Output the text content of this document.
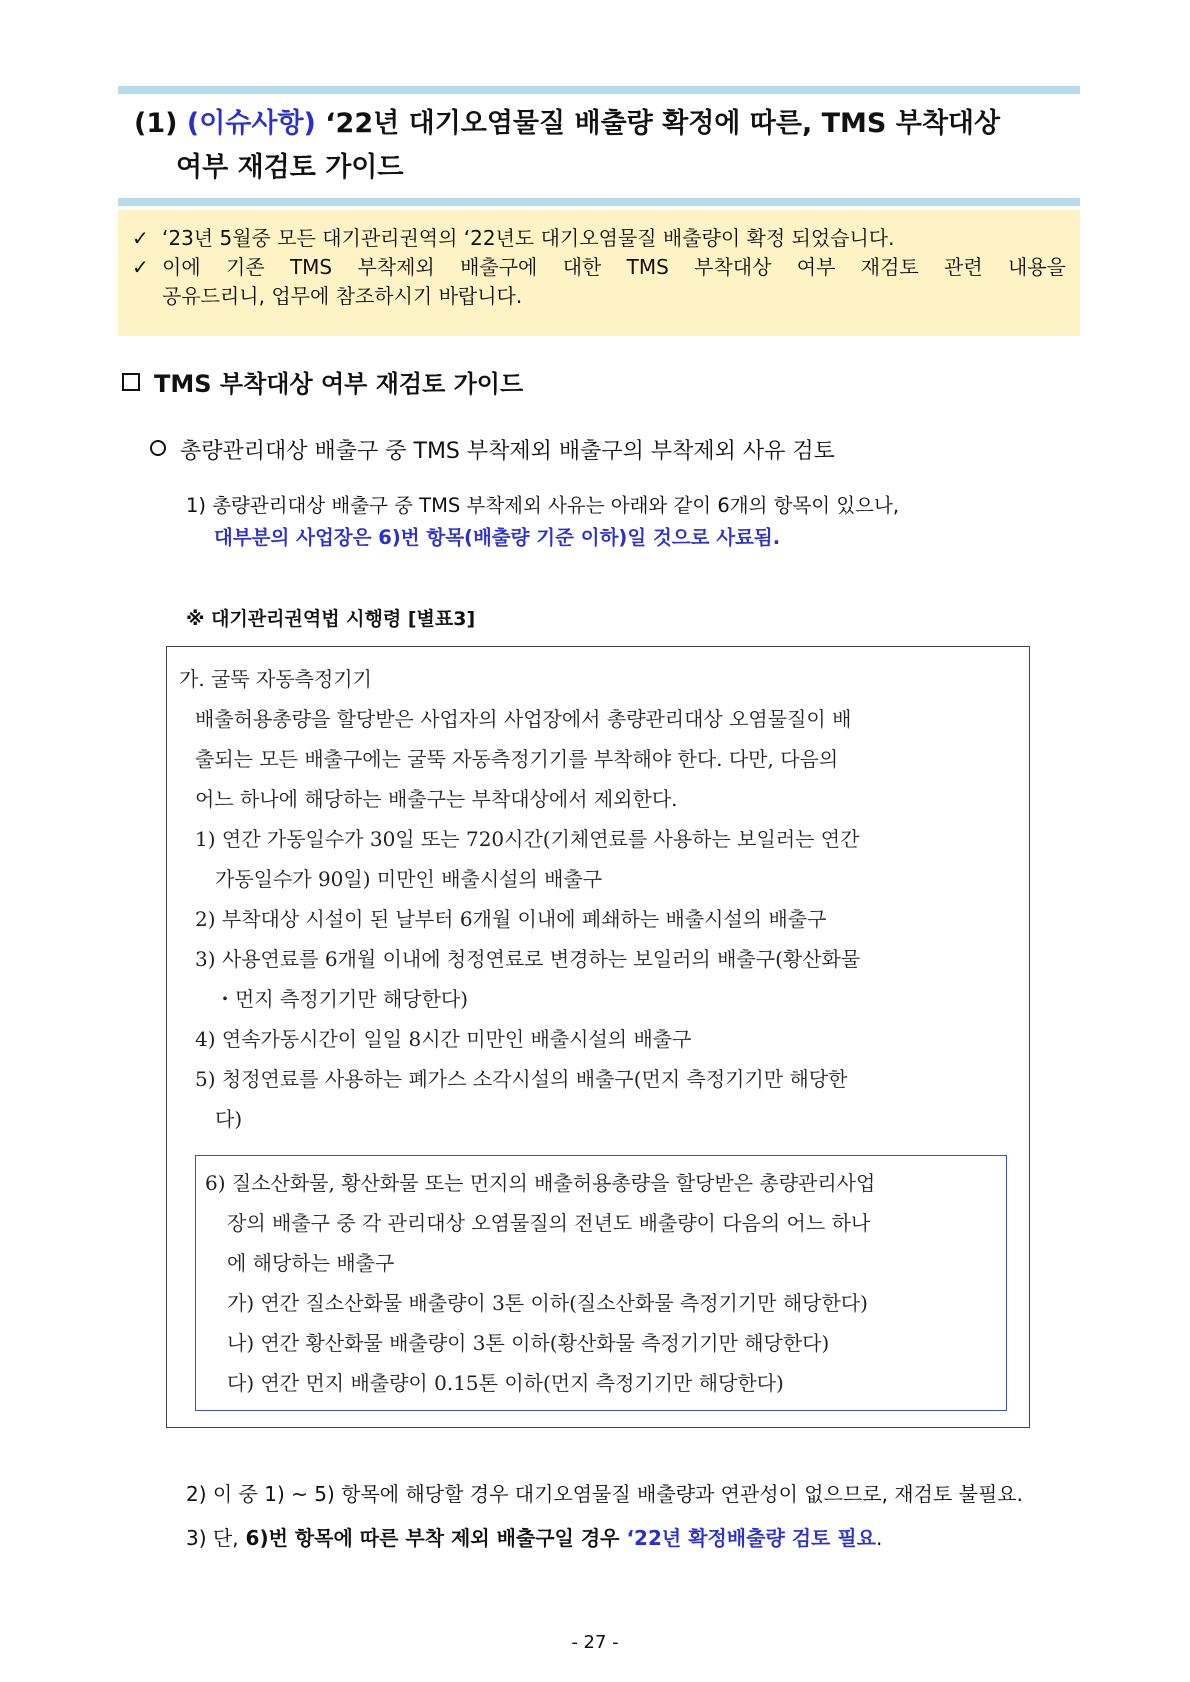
(1) (이슈사항) ‘22년 대기오염물질 배출량 확정에 따른, TMS 부착대상
여부 재검토 가이드
✓ ‘23년 5월중 모든 대기관리권역의 ‘22년도 대기오염물질 배출량이 확정 되었습니다.
✓ 이에 기존 TMS 부착제외 배출구에 대한 TMS 부착대상 여부 재검토 관련 내용을
공유드리니, 업무에 참조하시기 바랍니다.
TMS 부착대상 여부 재검토 가이드
총량관리대상 배출구 중 TMS 부착제외 배출구의 부착제외 사유 검토
1) 총량관리대상 배출구 중 TMS 부착제외 사유는 아래와 같이 6개의 항목이 있으나,
대부분의 사업장은 6)번 항목(배출량 기준 이하)일 것으로 사료됨.
※ 대기관리권역법 시행령 [별표3]
가. 굴뚝 자동측정기기
배출허용총량을 할당받은 사업자의 사업장에서 총량관리대상 오염물질이 배
출되는 모든 배출구에는 굴뚝 자동측정기기를 부착해야 한다. 다만, 다음의
어느 하나에 해당하는 배출구는 부착대상에서 제외한다.
1) 연간 가동일수가 30일 또는 720시간(기체연료를 사용하는 보일러는 연간
가동일수가 90일) 미만인 배출시설의 배출구
2) 부착대상 시설이 된 날부터 6개월 이내에 폐쇄하는 배출시설의 배출구
3) 사용연료를 6개월 이내에 청정연료로 변경하는 보일러의 배출구(황산화물
・먼지 측정기기만 해당한다)
4) 연속가동시간이 일일 8시간 미만인 배출시설의 배출구
5) 청정연료를 사용하는 폐가스 소각시설의 배출구(먼지 측정기기만 해당한
다)
6) 질소산화물, 황산화물 또는 먼지의 배출허용총량을 할당받은 총량관리사업
장의 배출구 중 각 관리대상 오염물질의 전년도 배출량이 다음의 어느 하나
에 해당하는 배출구
가) 연간 질소산화물 배출량이 3톤 이하(질소산화물 측정기기만 해당한다)
나) 연간 황산화물 배출량이 3톤 이하(황산화물 측정기기만 해당한다)
다) 연간 먼지 배출량이 0.15톤 이하(먼지 측정기기만 해당한다)
2) 이 중 1) ~ 5) 항목에 해당할 경우 대기오염물질 배출량과 연관성이 없으므로, 재검토 불필요.
3) 단, 6)번 항목에 따른 부착 제외 배출구일 경우 ‘22년 확정배출량 검토 필요.
- 27 -
